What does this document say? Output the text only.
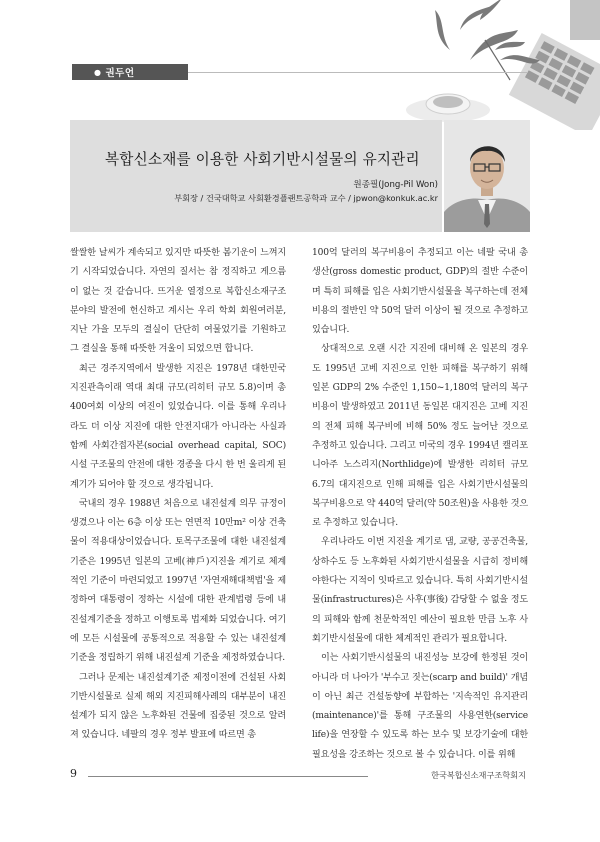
● 권두언
복합신소재를 이용한 사회기반시설물의 유지관리
원종필(Jong-Pil Won)
부회장 / 건국대학교 사회환경플랜트공학과 교수 / jpwon@konkuk.ac.kr

쌀쌀한 날씨가 계속되고 있지만 따뜻한 봄기운이 느껴지기 시작되었습니다. 자연의 질서는 참 정직하고 게으름이 없는 것 같습니다. 뜨거운 열정으로 복합신소재구조분야의 발전에 헌신하고 계시는 우리 학회 회원여러분, 지난 가을 모두의 결실이 단단히 여물었기를 기원하고 그 결실을 통해 따뜻한 겨울이 되었으면 합니다.

최근 경주지역에서 발생한 지진은 1978년 대한민국 지진관측이래 역대 최대 규모(리히터 규모 5.8)이며 총 400여회 이상의 여진이 있었습니다. 이를 통해 우리나라도 더 이상 지진에 대한 안전지대가 아니라는 사실과 함께 사회간접자본(social overhead capital, SOC) 시설 구조물의 안전에 대한 경종을 다시 한 번 울리게 된 계기가 되어야 할 것으로 생각됩니다.

국내의 경우 1988년 처음으로 내진설계 의무 규정이 생겼으나 이는 6층 이상 또는 연면적 10만m² 이상 건축물이 적용대상이었습니다. 토목구조물에 대한 내진설계기준은 1995년 일본의 고베(神戶)지진을 계기로 체계적인 기준이 마련되었고 1997년 '자연재해대책법'을 제정하여 대통령이 정하는 시설에 대한 관계법령 등에 내진설계기준을 정하고 이행토록 법제화 되었습니다. 여기에 모든 시설물에 공통적으로 적용할 수 있는 내진설계기준을 정립하기 위해 내진설계 기준을 제정하였습니다.

그러나 문제는 내진설계기준 제정이전에 건설된 사회기반시설물로 실제 해외 지진피해사례의 대부분이 내진설계가 되지 않은 노후화된 건물에 집중된 것으로 알려져 있습니다. 네팔의 경우 정부 발표에 따르면 총

100억 달러의 복구비용이 추정되고 이는 네팔 국내 총생산(gross domestic product, GDP)의 절반 수준이며 특히 피해를 입은 사회기반시설물을 복구하는데 전체비용의 절반인 약 50억 달러 이상이 될 것으로 추정하고 있습니다.

상대적으로 오랜 시간 지진에 대비해 온 일본의 경우도 1995년 고베 지진으로 인한 피해를 복구하기 위해 일본 GDP의 2% 수준인 1,150~1,180억 달러의 복구비용이 발생하였고 2011년 동일본 대지진은 고베 지진의 전체 피해 복구비에 비해 50% 정도 늘어난 것으로 추정하고 있습니다. 그리고 미국의 경우 1994년 캘리포니아주 노스리지(Northlidge)에 발생한 리히터 규모 6.7의 대지진으로 인해 피해를 입은 사회기반시설물의 복구비용으로 약 440억 달러(약 50조원)을 사용한 것으로 추정하고 있습니다.

우리나라도 이번 지진을 계기로 댐, 교량, 공공건축물, 상하수도 등 노후화된 사회기반시설물을 시급히 정비해야한다는 지적이 잇따르고 있습니다. 특히 사회기반시설물(infrastructures)은 사후(事後) 감당할 수 없을 정도의 피해와 함께 천문학적인 예산이 필요한 만큼 노후 사회기반시설물에 대한 체계적인 관리가 필요합니다.

이는 사회기반시설물의 내진성능 보강에 한정된 것이 아니라 더 나아가 '부수고 짓는(scarp and build)' 개념이 아닌 최근 건설동향에 부합하는 '지속적인 유지관리(maintenance)'를 통해 구조물의 사용연한(service life)을 연장할 수 있도록 하는 보수 및 보강기술에 대한 필요성을 강조하는 것으로 볼 수 있습니다. 이를 위해

9	한국복합신소재구조학회지
